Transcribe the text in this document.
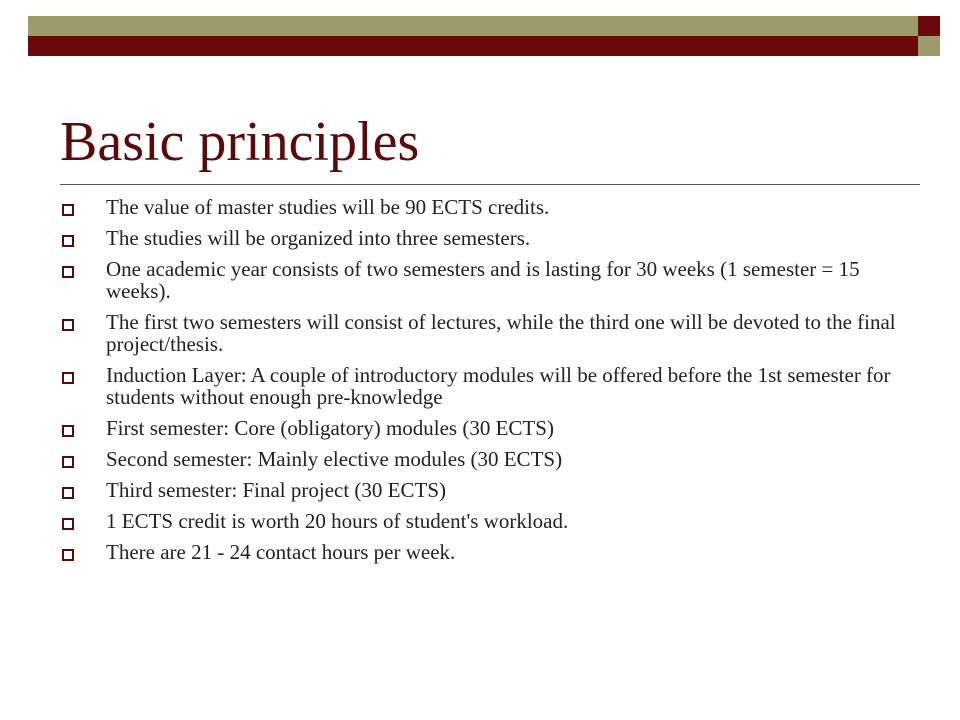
Basic principles
The value of master studies will be 90 ECTS credits.
The studies will be organized into three semesters.
One academic year consists of two semesters and is lasting for 30 weeks (1 semester = 15 weeks).
The first two semesters will consist of lectures, while the third one will be devoted to the final project/thesis.
Induction Layer: A couple of introductory modules will be offered before the 1st semester for students without enough pre-knowledge
First semester: Core (obligatory) modules (30 ECTS)
Second semester: Mainly elective modules (30 ECTS)
Third semester: Final project (30 ECTS)
1 ECTS credit is worth 20 hours of student's workload.
There are 21 - 24 contact hours per week.
